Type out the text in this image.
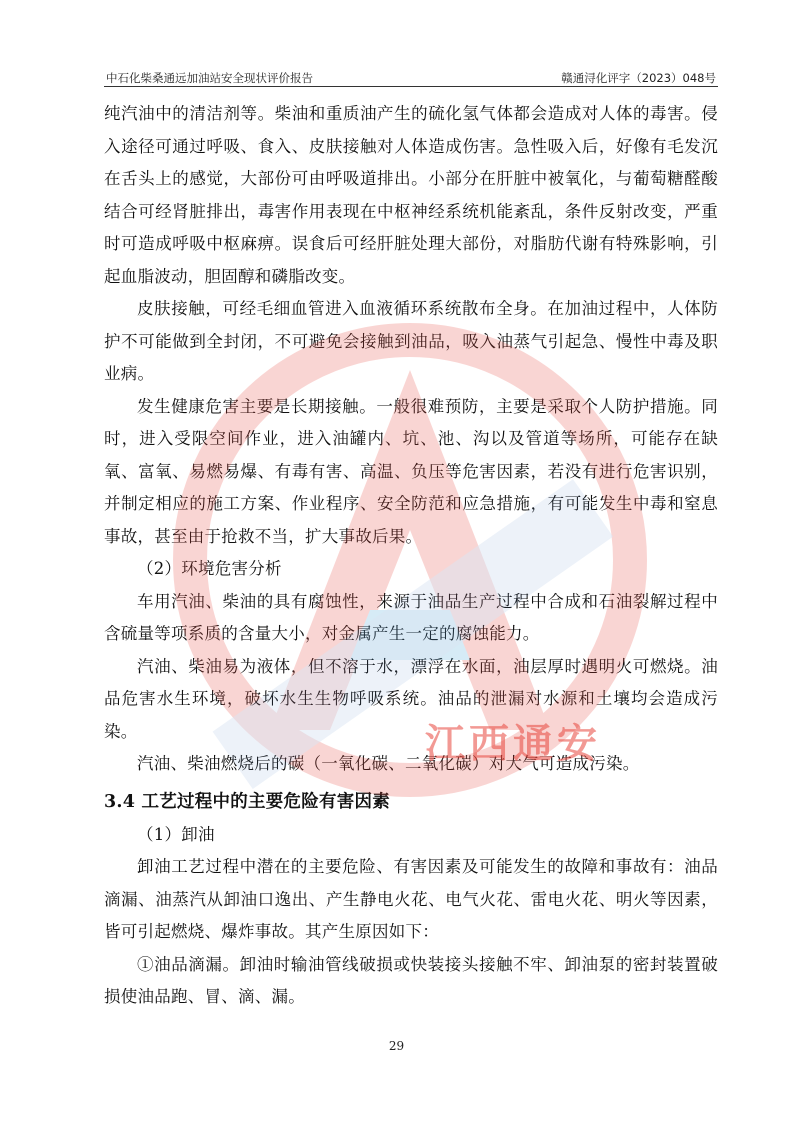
中石化柴桑通远加油站安全现状评价报告	赣通浔化评字（2023）048号

纯汽油中的清洁剂等。柴油和重质油产生的硫化氢气体都会造成对人体的毒害。侵入途径可通过呼吸、食入、皮肤接触对人体造成伤害。急性吸入后，好像有毛发沉在舌头上的感觉，大部份可由呼吸道排出。小部分在肝脏中被氧化，与葡萄糖醛酸结合可经肾脏排出，毒害作用表现在中枢神经系统机能紊乱，条件反射改变，严重时可造成呼吸中枢麻痹。误食后可经肝脏处理大部份，对脂肪代谢有特殊影响，引起血脂波动，胆固醇和磷脂改变。

皮肤接触，可经毛细血管进入血液循环系统散布全身。在加油过程中，人体防护不可能做到全封闭，不可避免会接触到油品，吸入油蒸气引起急、慢性中毒及职业病。

发生健康危害主要是长期接触。一般很难预防，主要是采取个人防护措施。同时，进入受限空间作业，进入油罐内、坑、池、沟以及管道等场所，可能存在缺氧、富氧、易燃易爆、有毒有害、高温、负压等危害因素，若没有进行危害识别，并制定相应的施工方案、作业程序、安全防范和应急措施，有可能发生中毒和窒息事故，甚至由于抢救不当，扩大事故后果。

（2）环境危害分析

车用汽油、柴油的具有腐蚀性，来源于油品生产过程中合成和石油裂解过程中含硫量等项系质的含量大小，对金属产生一定的腐蚀能力。

汽油、柴油易为液体，但不溶于水，漂浮在水面，油层厚时遇明火可燃烧。油品危害水生环境，破坏水生生物呼吸系统。油品的泄漏对水源和土壤均会造成污染。

汽油、柴油燃烧后的碳（一氧化碳、二氧化碳）对大气可造成污染。

3.4 工艺过程中的主要危险有害因素

（1）卸油

卸油工艺过程中潜在的主要危险、有害因素及可能发生的故障和事故有：油品滴漏、油蒸汽从卸油口逸出、产生静电火花、电气火花、雷电火花、明火等因素，皆可引起燃烧、爆炸事故。其产生原因如下：

①油品滴漏。卸油时输油管线破损或快装接头接触不牢、卸油泵的密封装置破损使油品跑、冒、滴、漏。

江西通安
29
